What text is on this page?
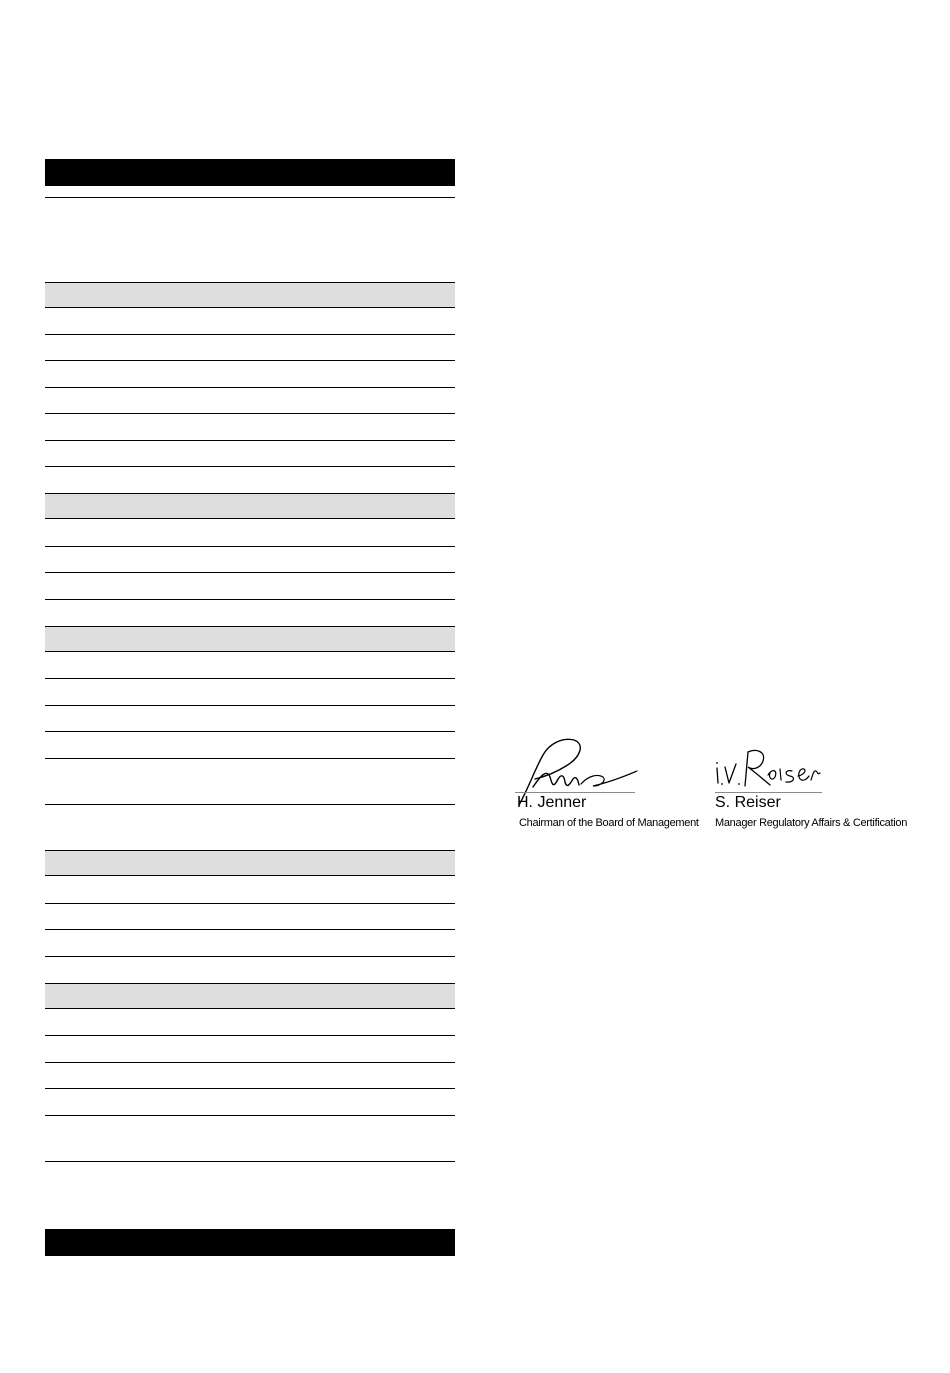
H. Jenner
Chairman of the Board of Management
S. Reiser
Manager Regulatory Affairs & Certification
